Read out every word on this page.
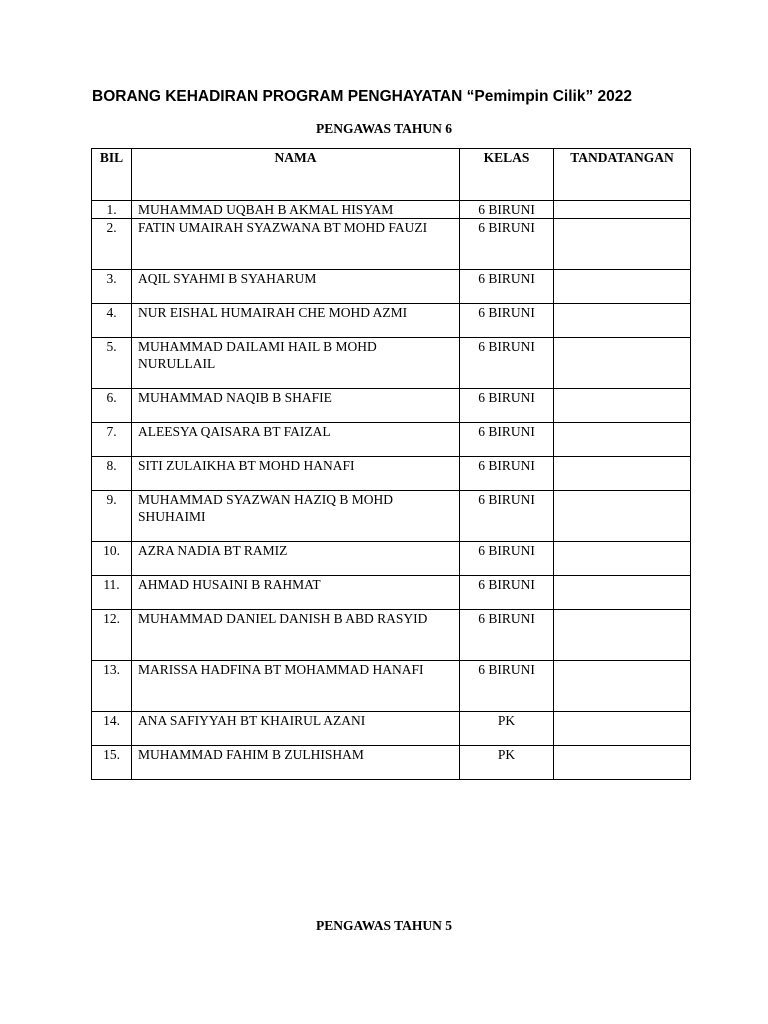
BORANG KEHADIRAN PROGRAM PENGHAYATAN “Pemimpin Cilik” 2022
PENGAWAS TAHUN 6
BIL	NAMA	KELAS	TANDATANGAN
1.	MUHAMMAD UQBAH B AKMAL HISYAM	6 BIRUNI	
2.	FATIN UMAIRAH SYAZWANA BT MOHD FAUZI	6 BIRUNI	
3.	AQIL SYAHMI B SYAHARUM	6 BIRUNI	
4.	NUR EISHAL HUMAIRAH CHE MOHD AZMI	6 BIRUNI	
5.	MUHAMMAD DAILAMI HAIL B MOHD NURULLAIL	6 BIRUNI	
6.	MUHAMMAD NAQIB B SHAFIE	6 BIRUNI	
7.	ALEESYA QAISARA BT FAIZAL	6 BIRUNI	
8.	SITI ZULAIKHA BT MOHD HANAFI	6 BIRUNI	
9.	MUHAMMAD SYAZWAN HAZIQ B MOHD SHUHAIMI	6 BIRUNI	
10.	AZRA NADIA BT RAMIZ	6 BIRUNI	
11.	AHMAD HUSAINI B RAHMAT	6 BIRUNI	
12.	MUHAMMAD DANIEL DANISH B ABD RASYID	6 BIRUNI	
13.	MARISSA HADFINA BT MOHAMMAD HANAFI	6 BIRUNI	
14.	ANA SAFIYYAH BT KHAIRUL AZANI	PK	
15.	MUHAMMAD FAHIM B ZULHISHAM	PK	
PENGAWAS TAHUN 5
